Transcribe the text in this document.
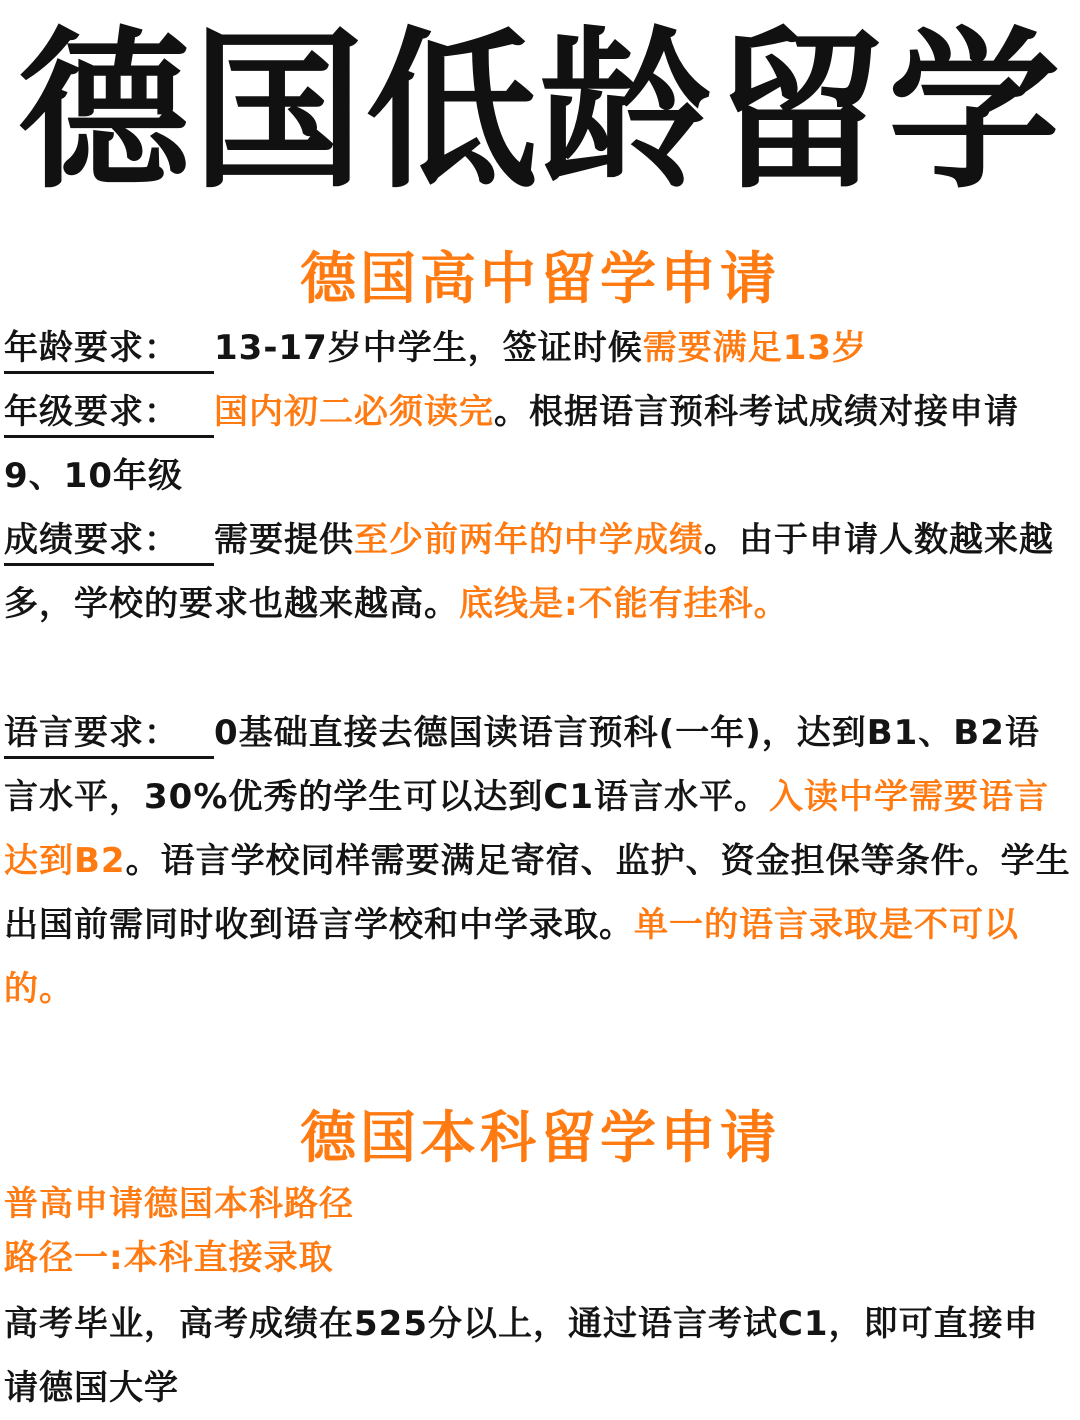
德国低龄留学
德国高中留学申请
年龄要求： 13-17岁中学生，签证时候需要满足13岁
年级要求： 国内初二必须读完。根据语言预科考试成绩对接申请9、10年级
成绩要求： 需要提供至少前两年的中学成绩。由于申请人数越来越多，学校的要求也越来越高。底线是:不能有挂科。
语言要求： 0基础直接去德国读语言预科(一年)，达到B1、B2语言水平，30%优秀的学生可以达到C1语言水平。入读中学需要语言达到B2。语言学校同样需要满足寄宿、监护、资金担保等条件。学生出国前需同时收到语言学校和中学录取。单一的语言录取是不可以的。
德国本科留学申请
普高申请德国本科路径
路径一:本科直接录取
高考毕业，高考成绩在525分以上，通过语言考试C1，即可直接申请德国大学
